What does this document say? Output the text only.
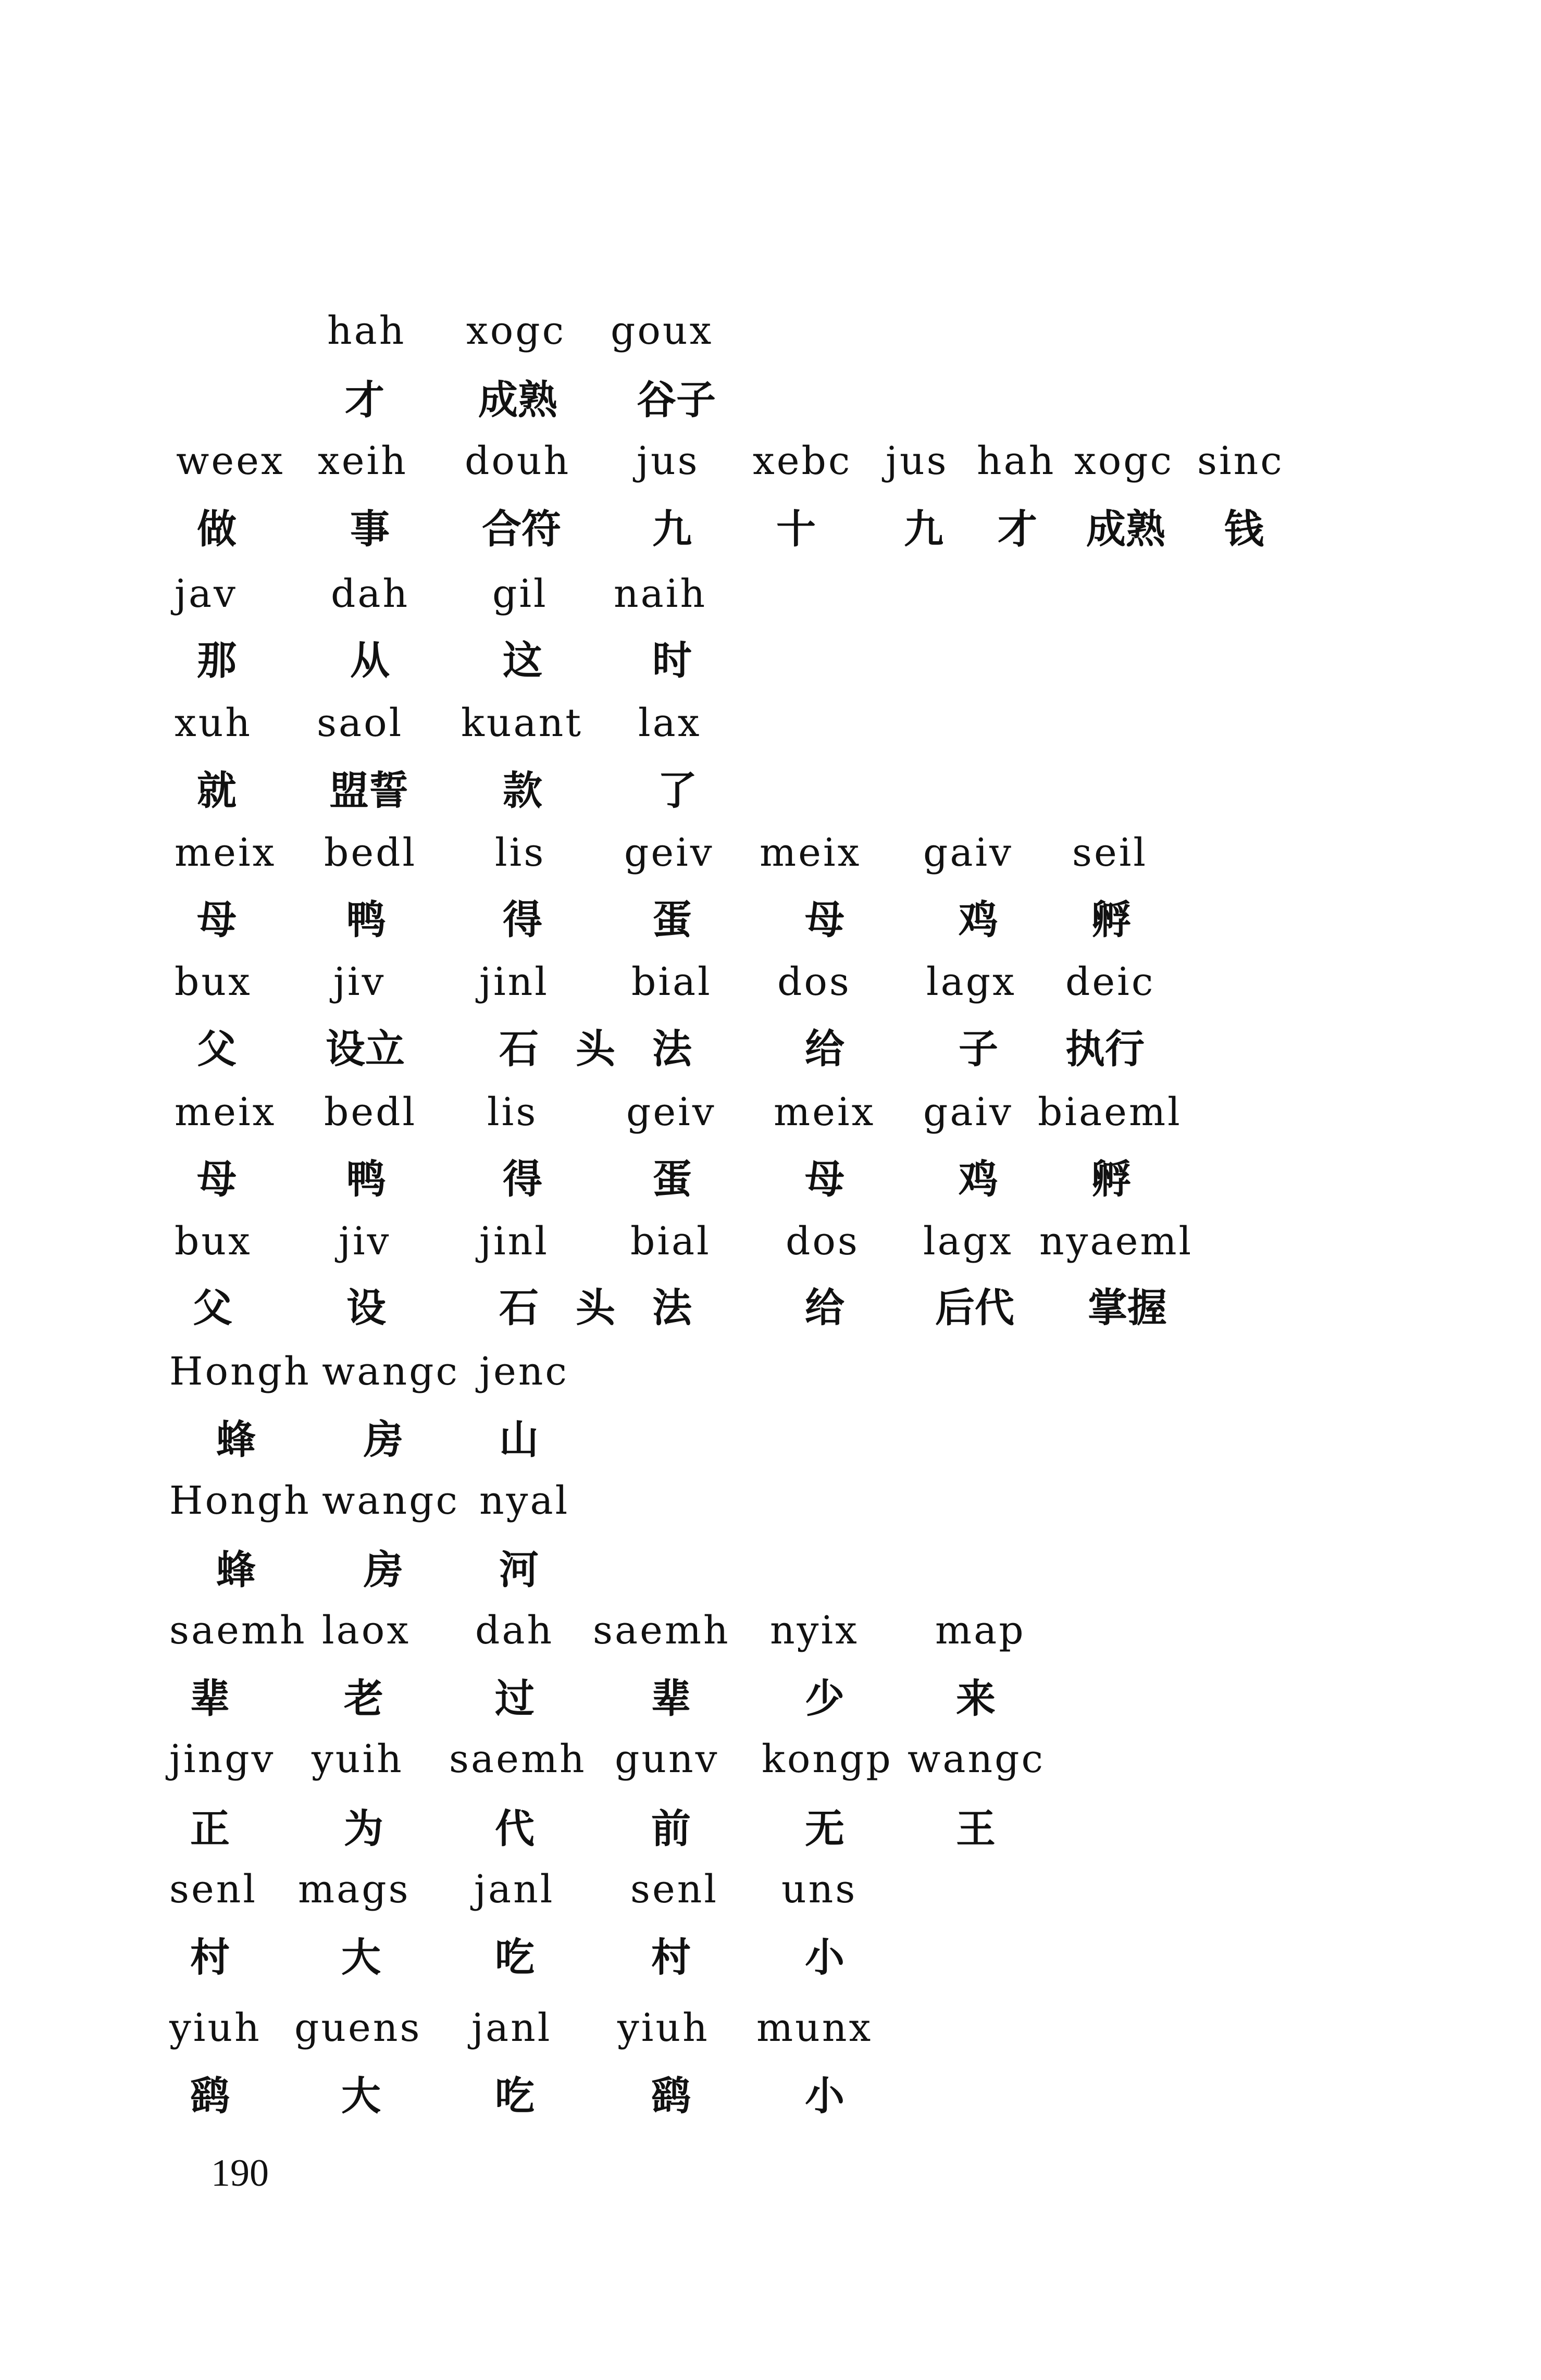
hah xogc goux
才 成熟 谷子
weex xeih douh jus xebc jus hah xogc sinc
做	事 合符 九 十 九 才 成熟 钱
jav dah gil naih
那	从	这	时
xuh saol kuant lax
就 盟誓 款	了
meix bedl lis geiv meix gaiv seil
母	鸭	得	蛋	母	鸡 孵
bux jiv jinl bial dos lagx deic
父 设立 石 头 法	给	子 执行
meix bedl lis geiv meix gaiv biaeml
母	鸭	得	蛋	母	鸡 孵
bux jiv jinl bial dos lagx nyaeml
父	设	石 头 法	给 后代 掌握
Hongh wangc jenc
蜂	房 山
Hongh wangc nyal
蜂	房 河
saemh laox dah saemh nyix map
辈	老	过	辈	少	来
jingv yuih saemh gunv kongp wangc
正	为	代	前	无	王
senl mags janl senl uns
村	大	吃	村	小
yiuh guens janl yiuh munx
鹞	大	吃	鹞	小
190
